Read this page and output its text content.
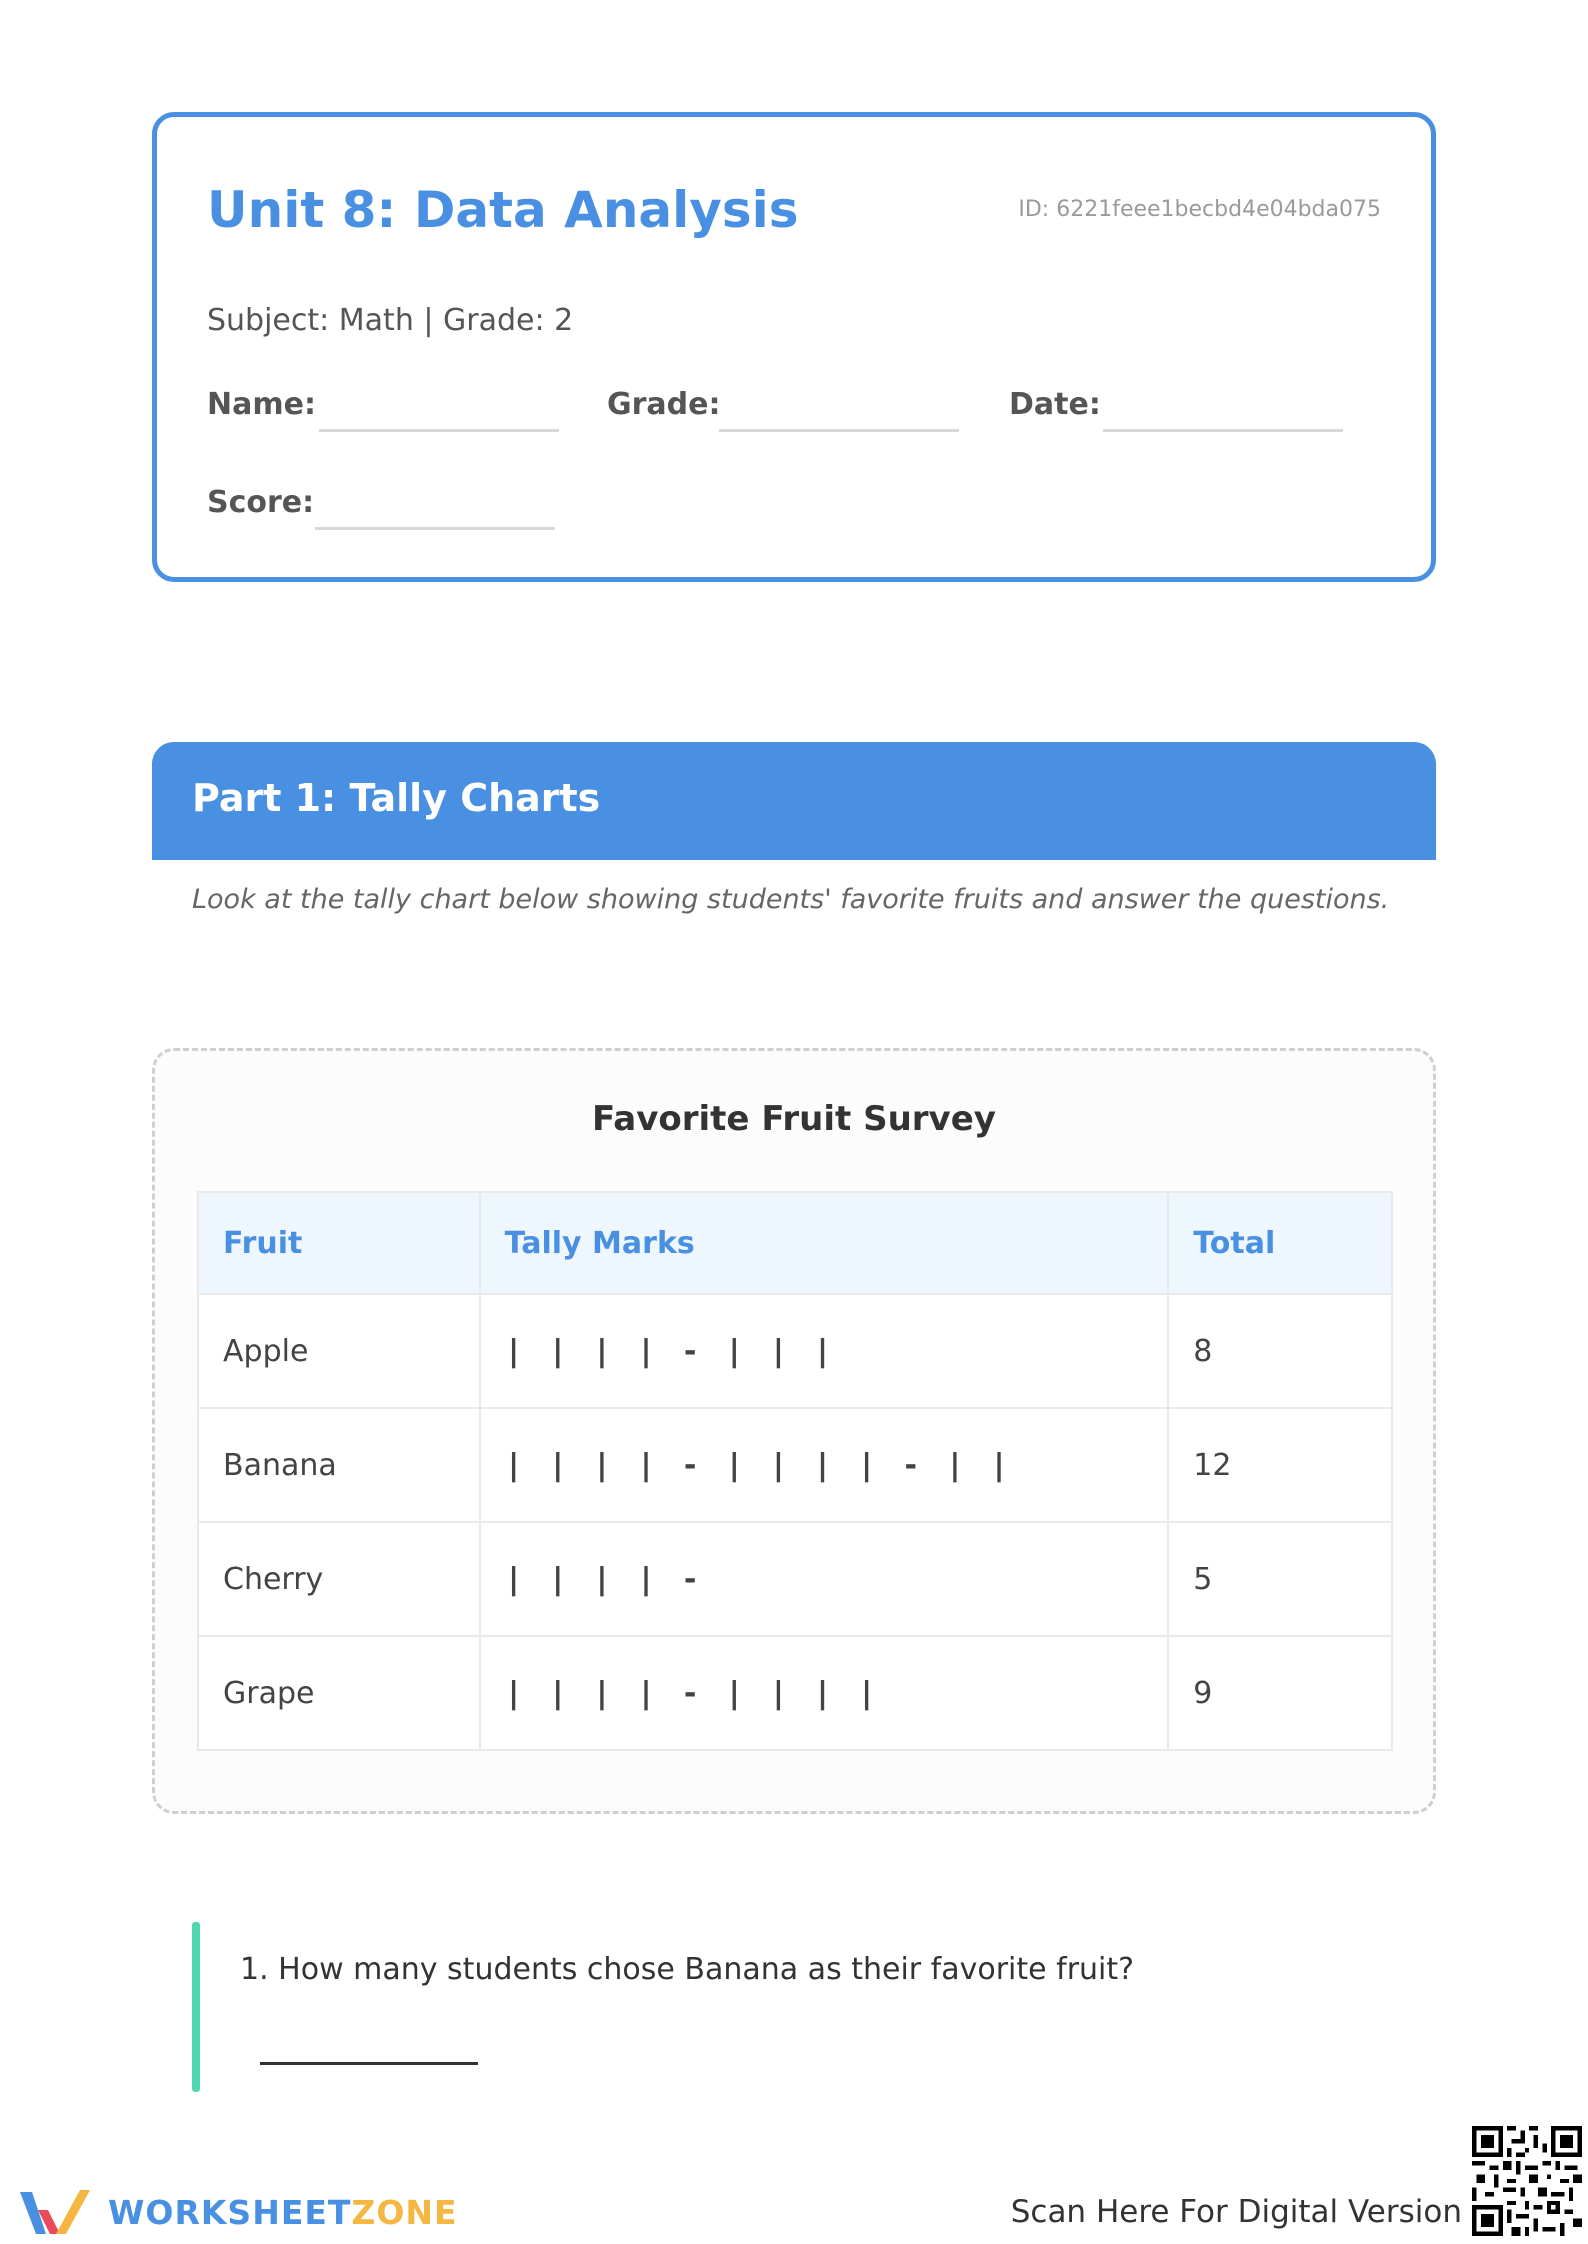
Unit 8: Data Analysis	ID: 6221feee1becbd4e04bda075
Subject: Math | Grade: 2
Name:	Grade:	Date:
Score:
Part 1: Tally Charts
Look at the tally chart below showing students' favorite fruits and answer the questions.
Favorite Fruit Survey
Fruit	Tally Marks	Total
Apple	| | | | - | | |	8
Banana	| | | | - | | | | - | |	12
Cherry	| | | | -	5
Grape	| | | | - | | | |	9
1. How many students chose Banana as their favorite fruit?
WORKSHEETZONE	Scan Here For Digital Version
